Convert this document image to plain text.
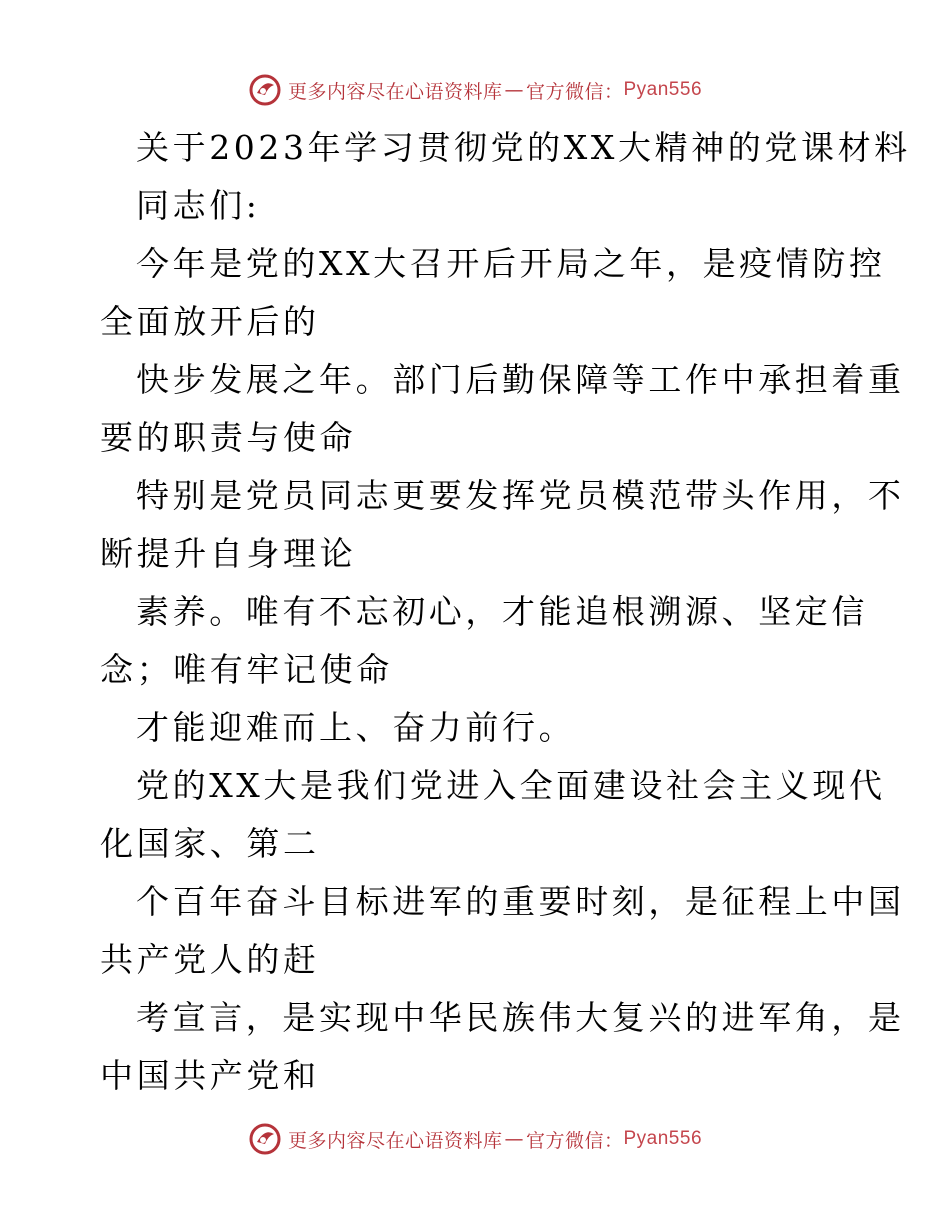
更多内容尽在心语资料库 — 官方微信： Pyan556
关于2023年学习贯彻党的XX大精神的党课材料
同志们:
今年是党的XX大召开后开局之年，是疫情防控
全面放开后的
快步发展之年。部门后勤保障等工作中承担着重
要的职责与使命
特别是党员同志更要发挥党员模范带头作用，不
断提升自身理论
素养。唯有不忘初心，才能追根溯源、坚定信
念；唯有牢记使命
才能迎难而上、奋力前行。
党的XX大是我们党进入全面建设社会主义现代
化国家、第二
个百年奋斗目标进军的重要时刻，是征程上中国
共产党人的赶
考宣言，是实现中华民族伟大复兴的进军角，是
中国共产党和
更多内容尽在心语资料库 — 官方微信： Pyan556
